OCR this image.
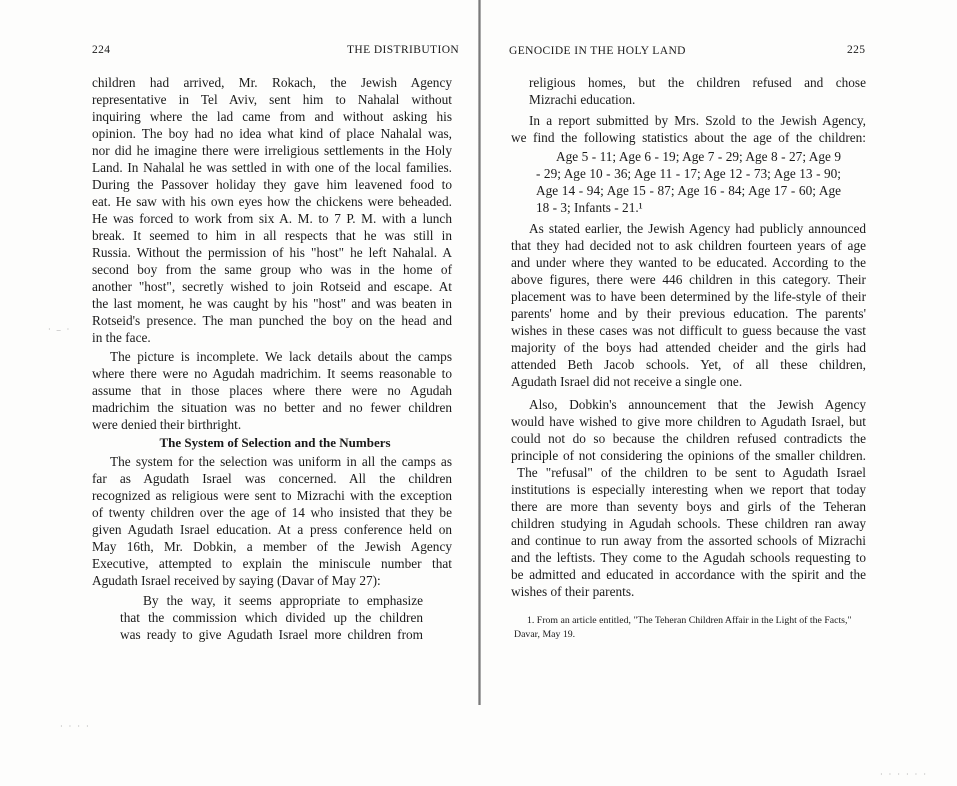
224	THE DISTRIBUTION
children had arrived, Mr. Rokach, the Jewish Agency
representative in Tel Aviv, sent him to Nahalal without
inquiring where the lad came from and without asking his
opinion. The boy had no idea what kind of place Nahalal was,
nor did he imagine there were irreligious settlements in the Holy
Land. In Nahalal he was settled in with one of the local families.
During the Passover holiday they gave him leavened food to
eat. He saw with his own eyes how the chickens were beheaded.
He was forced to work from six A. M. to 7 P. M. with a lunch
break. It seemed to him in all respects that he was still in
Russia. Without the permission of his "host" he left Nahalal. A
second boy from the same group who was in the home of
another "host", secretly wished to join Rotseid and escape. At
the last moment, he was caught by his "host" and was beaten in
Rotseid's presence. The man punched the boy on the head and
in the face.
The picture is incomplete. We lack details about the camps
where there were no Agudah madrichim. It seems reasonable to
assume that in those places where there were no Agudah
madrichim the situation was no better and no fewer children
were denied their birthright.
The System of Selection and the Numbers
The system for the selection was uniform in all the camps as
far as Agudath Israel was concerned. All the children
recognized as religious were sent to Mizrachi with the exception
of twenty children over the age of 14 who insisted that they be
given Agudath Israel education. At a press conference held on
May 16th, Mr. Dobkin, a member of the Jewish Agency
Executive, attempted to explain the miniscule number that
Agudath Israel received by saying (Davar of May 27):
By the way, it seems appropriate to emphasize
that the commission which divided up the children
was ready to give Agudath Israel more children from
GENOCIDE IN THE HOLY LAND	225
religious homes, but the children refused and chose
Mizrachi education.
In a report submitted by Mrs. Szold to the Jewish Agency,
we find the following statistics about the age of the children:
Age 5 - 11; Age 6 - 19; Age 7 - 29; Age 8 - 27; Age 9
- 29; Age 10 - 36; Age 11 - 17; Age 12 - 73; Age 13 - 90;
Age 14 - 94; Age 15 - 87; Age 16 - 84; Age 17 - 60; Age
18 - 3; Infants - 21.¹
As stated earlier, the Jewish Agency had publicly announced
that they had decided not to ask children fourteen years of age
and under where they wanted to be educated. According to the
above figures, there were 446 children in this category. Their
placement was to have been determined by the life-style of their
parents' home and by their previous education. The parents'
wishes in these cases was not difficult to guess because the vast
majority of the boys had attended cheider and the girls had
attended Beth Jacob schools. Yet, of all these children,
Agudath Israel did not receive a single one.
Also, Dobkin's announcement that the Jewish Agency
would have wished to give more children to Agudath Israel, but
could not do so because the children refused contradicts the
principle of not considering the opinions of the smaller children.
The "refusal" of the children to be sent to Agudath Israel
institutions is especially interesting when we report that today
there are more than seventy boys and girls of the Teheran
children studying in Agudah schools. These children ran away
and continue to run away from the assorted schools of Mizrachi
and the leftists. They come to the Agudah schools requesting to
be admitted and educated in accordance with the spirit and the
wishes of their parents.
1. From an article entitled, "The Teheran Children Affair in the Light of the Facts,"
Davar, May 19.
· ‒ ·
· · · ·
· · · · · ·
